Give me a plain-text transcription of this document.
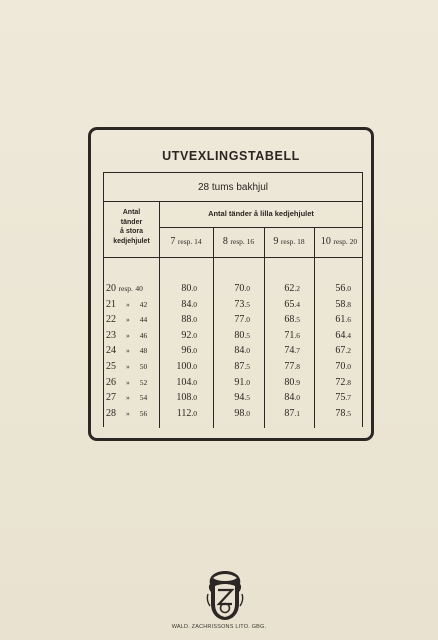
UTVEXLINGSTABELL
28 tums bakhjul
Antal
tänder
å stora
kedjehjulet
Antal tänder å lilla kedjehjulet
7 resp. 14	8 resp. 16	9 resp. 18	10 resp. 20
20 resp. 40	80.0	70.0	62.2	56.0
21 » 42	84.0	73.5	65.4	58.8
22 » 44	88.0	77.0	68.5	61.6
23 » 46	92.0	80.5	71.6	64.4
24 » 48	96.0	84.0	74.7	67.2
25 » 50	100.0	87.5	77.8	70.0
26 » 52	104.0	91.0	80.9	72.8
27 » 54	108.0	94.5	84.0	75.7
28 » 56	112.0	98.0	87.1	78.5
WALD. ZACHRISSONS LITO. GBG.
